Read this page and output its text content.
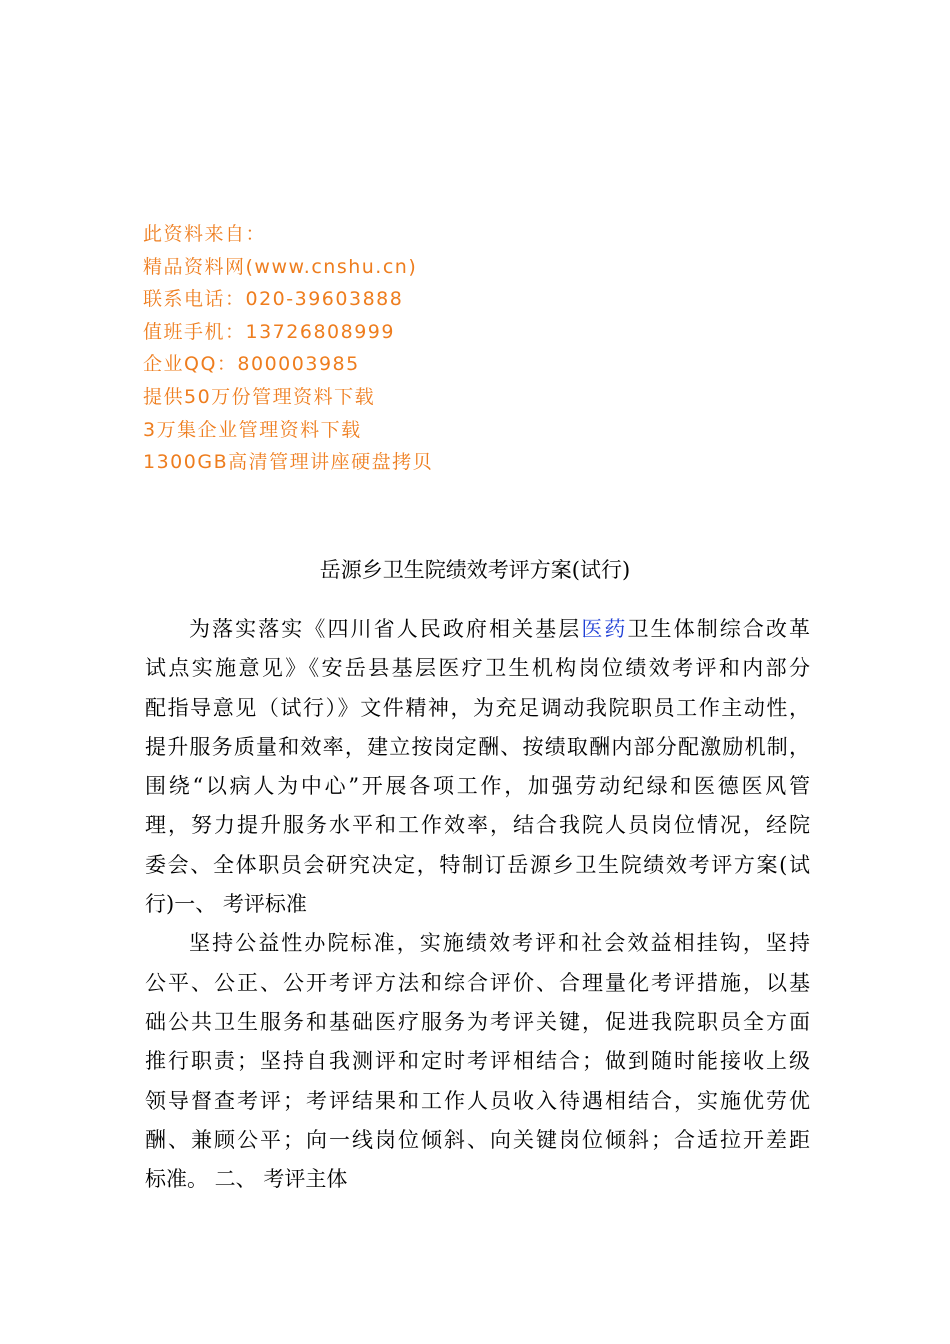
此资料来自：
精品资料网(www.cnshu.cn)
联系电话：020-39603888
值班手机：13726808999
企业QQ：800003985
提供50万份管理资料下载
3万集企业管理资料下载
1300GB高清管理讲座硬盘拷贝
岳源乡卫生院绩效考评方案(试行)
为落实落实《四川省人民政府相关基层医药卫生体制综合改革
试点实施意见》《安岳县基层医疗卫生机构岗位绩效考评和内部分
配指导意见（试行）》文件精神，为充足调动我院职员工作主动性，
提升服务质量和效率，建立按岗定酬、按绩取酬内部分配激励机制，
围绕“以病人为中心”开展各项工作，加强劳动纪绿和医德医风管
理，努力提升服务水平和工作效率，结合我院人员岗位情况，经院
委会、全体职员会研究决定，特制订岳源乡卫生院绩效考评方案(试
行)一、 考评标准
坚持公益性办院标准，实施绩效考评和社会效益相挂钩，坚持
公平、公正、公开考评方法和综合评价、合理量化考评措施，以基
础公共卫生服务和基础医疗服务为考评关键，促进我院职员全方面
推行职责；坚持自我测评和定时考评相结合；做到随时能接收上级
领导督查考评；考评结果和工作人员收入待遇相结合，实施优劳优
酬、兼顾公平；向一线岗位倾斜、向关键岗位倾斜；合适拉开差距
标准。 二、 考评主体
